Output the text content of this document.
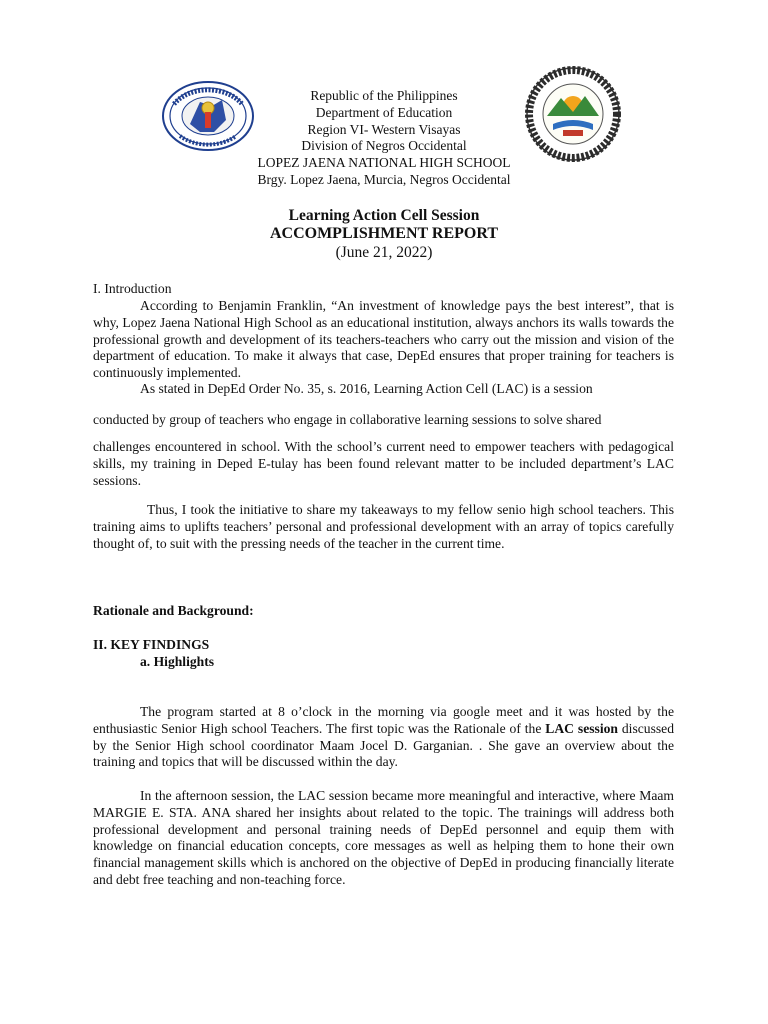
Republic of the Philippines
Department of Education
Region VI- Western Visayas
Division of Negros Occidental
LOPEZ JAENA NATIONAL HIGH SCHOOL
Brgy. Lopez Jaena, Murcia, Negros Occidental
Learning Action Cell Session
ACCOMPLISHMENT REPORT
(June 21, 2022)
I. Introduction
According to Benjamin Franklin, “An investment of knowledge pays the best interest”, that is why, Lopez Jaena National High School as an educational institution, always anchors its walls towards the professional growth and development of its teachers-teachers who carry out the mission and vision of the department of education. To make it always that case, DepEd ensures that proper training for teachers is continuously implemented.
As stated in DepEd Order No. 35, s. 2016, Learning Action Cell (LAC) is a session
conducted by group of teachers who engage in collaborative learning sessions to solve shared
challenges encountered in school. With the school’s current need to empower teachers with pedagogical skills, my training in Deped E-tulay has been found relevant matter to be included department’s LAC sessions.
Thus, I took the initiative to share my takeaways to my fellow senio high school teachers. This training aims to uplifts teachers’ personal and professional development with an array of topics carefully thought of, to suit with the pressing needs of the teacher in the current time.
Rationale and Background:
II. KEY FINDINGS
a. Highlights
The program started at 8 o’clock in the morning via google meet and it was hosted by the enthusiastic Senior High school Teachers. The first topic was the Rationale of the LAC session discussed by the Senior High school coordinator Maam Jocel D. Garganian. . She gave an overview about the training and topics that will be discussed within the day.
In the afternoon session, the LAC session became more meaningful and interactive, where Maam MARGIE E. STA. ANA shared her insights about related to the topic. The trainings will address both professional development and personal training needs of DepEd personnel and equip them with knowledge on financial education concepts, core messages as well as helping them to hone their own financial management skills which is anchored on the objective of DepEd in producing financially literate and debt free teaching and non-teaching force.
